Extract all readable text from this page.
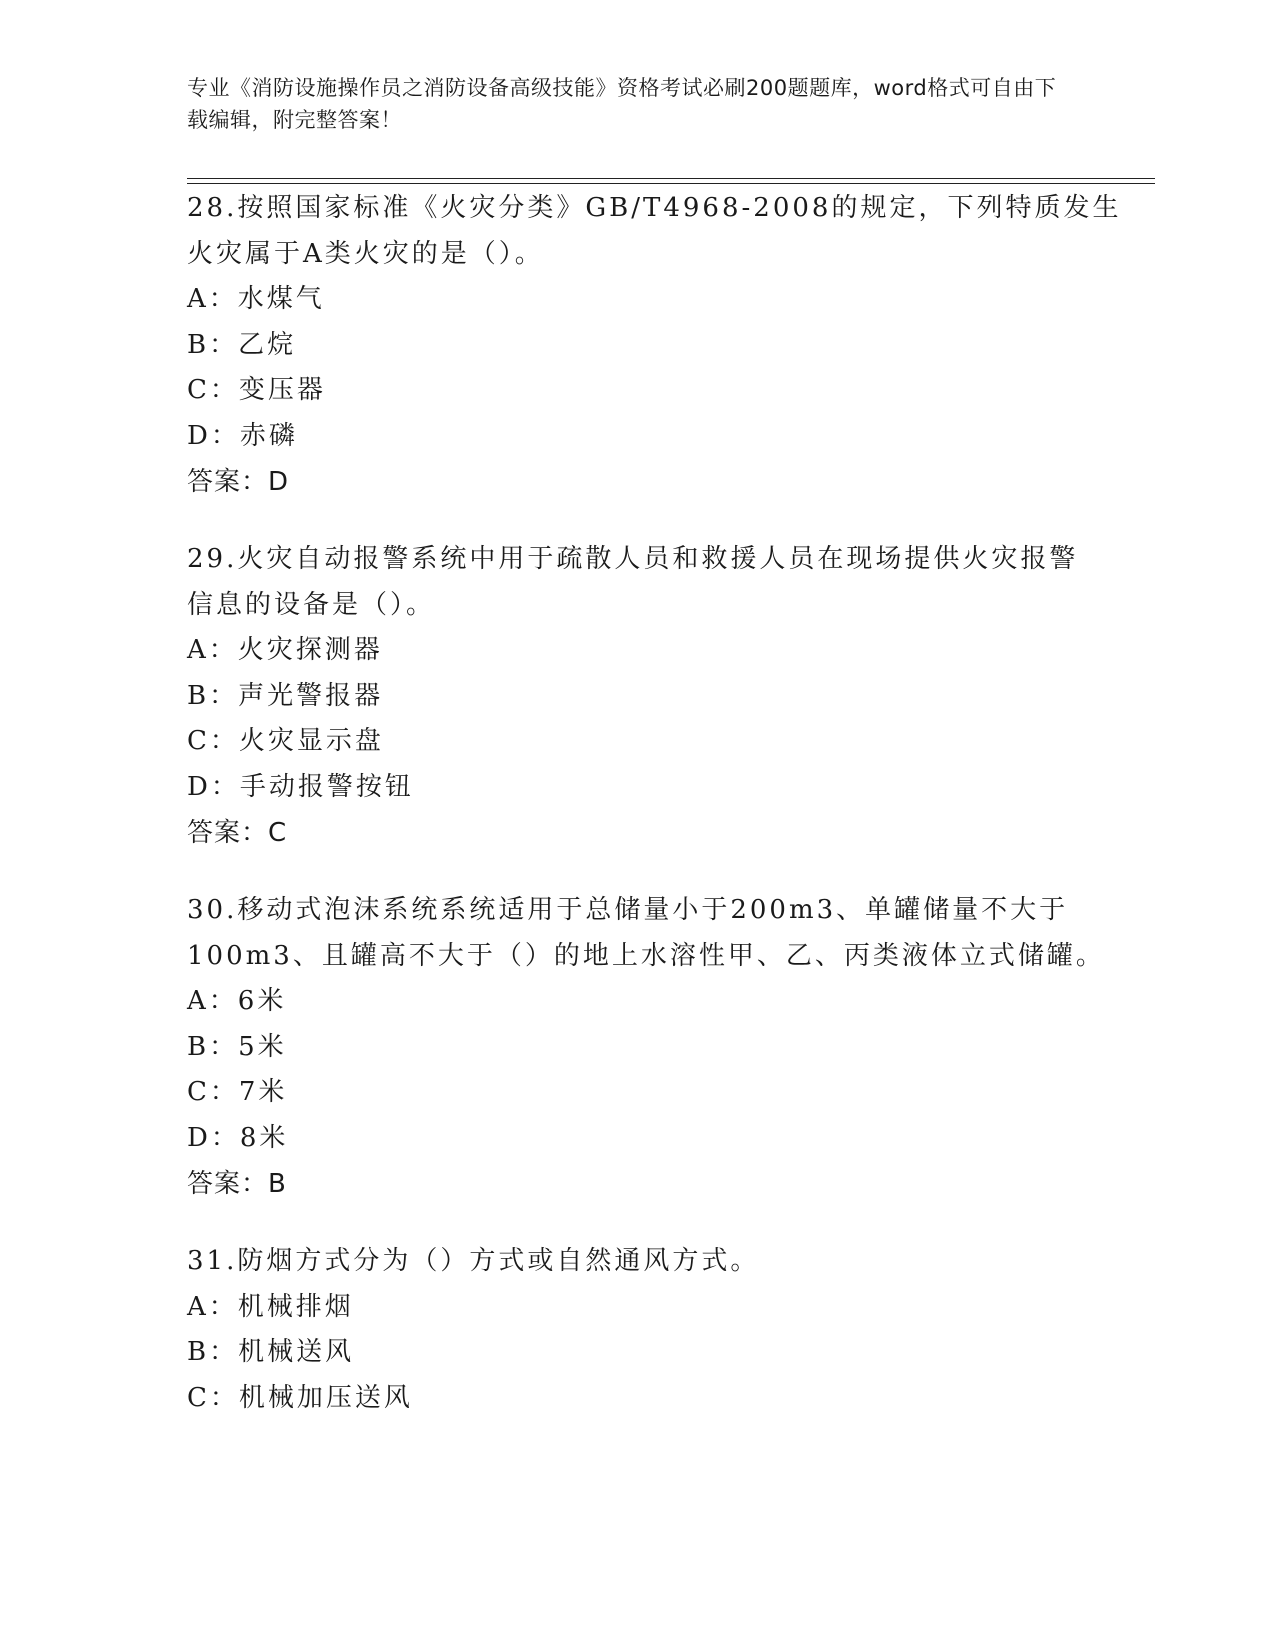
专业《消防设施操作员之消防设备高级技能》资格考试必刷200题题库，word格式可自由下载编辑，附完整答案！
28.按照国家标准《火灾分类》GB/T4968-2008的规定，下列特质发生
火灾属于A类火灾的是（）。
A：水煤气
B：乙烷
C：变压器
D：赤磷
答案：D
29.火灾自动报警系统中用于疏散人员和救援人员在现场提供火灾报警
信息的设备是（）。
A：火灾探测器
B：声光警报器
C：火灾显示盘
D：手动报警按钮
答案：C
30.移动式泡沫系统系统适用于总储量小于200m3、单罐储量不大于
100m3、且罐高不大于（）的地上水溶性甲、乙、丙类液体立式储罐。
A：6米
B：5米
C：7米
D：8米
答案：B
31.防烟方式分为（）方式或自然通风方式。
A：机械排烟
B：机械送风
C：机械加压送风
